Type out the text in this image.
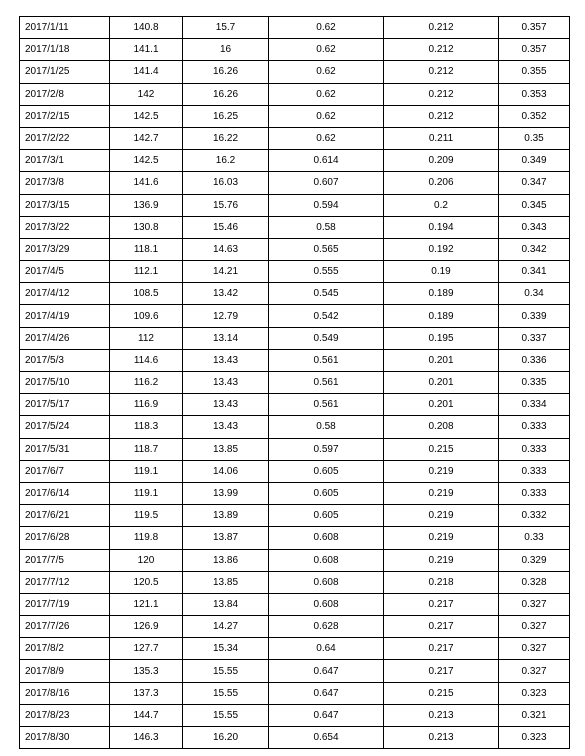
2017/1/11	140.8	15.7	0.62	0.212	0.357
2017/1/18	141.1	16	0.62	0.212	0.357
2017/1/25	141.4	16.26	0.62	0.212	0.355
2017/2/8	142	16.26	0.62	0.212	0.353
2017/2/15	142.5	16.25	0.62	0.212	0.352
2017/2/22	142.7	16.22	0.62	0.211	0.35
2017/3/1	142.5	16.2	0.614	0.209	0.349
2017/3/8	141.6	16.03	0.607	0.206	0.347
2017/3/15	136.9	15.76	0.594	0.2	0.345
2017/3/22	130.8	15.46	0.58	0.194	0.343
2017/3/29	118.1	14.63	0.565	0.192	0.342
2017/4/5	112.1	14.21	0.555	0.19	0.341
2017/4/12	108.5	13.42	0.545	0.189	0.34
2017/4/19	109.6	12.79	0.542	0.189	0.339
2017/4/26	112	13.14	0.549	0.195	0.337
2017/5/3	114.6	13.43	0.561	0.201	0.336
2017/5/10	116.2	13.43	0.561	0.201	0.335
2017/5/17	116.9	13.43	0.561	0.201	0.334
2017/5/24	118.3	13.43	0.58	0.208	0.333
2017/5/31	118.7	13.85	0.597	0.215	0.333
2017/6/7	119.1	14.06	0.605	0.219	0.333
2017/6/14	119.1	13.99	0.605	0.219	0.333
2017/6/21	119.5	13.89	0.605	0.219	0.332
2017/6/28	119.8	13.87	0.608	0.219	0.33
2017/7/5	120	13.86	0.608	0.219	0.329
2017/7/12	120.5	13.85	0.608	0.218	0.328
2017/7/19	121.1	13.84	0.608	0.217	0.327
2017/7/26	126.9	14.27	0.628	0.217	0.327
2017/8/2	127.7	15.34	0.64	0.217	0.327
2017/8/9	135.3	15.55	0.647	0.217	0.327
2017/8/16	137.3	15.55	0.647	0.215	0.323
2017/8/23	144.7	15.55	0.647	0.213	0.321
2017/8/30	146.3	16.20	0.654	0.213	0.323
